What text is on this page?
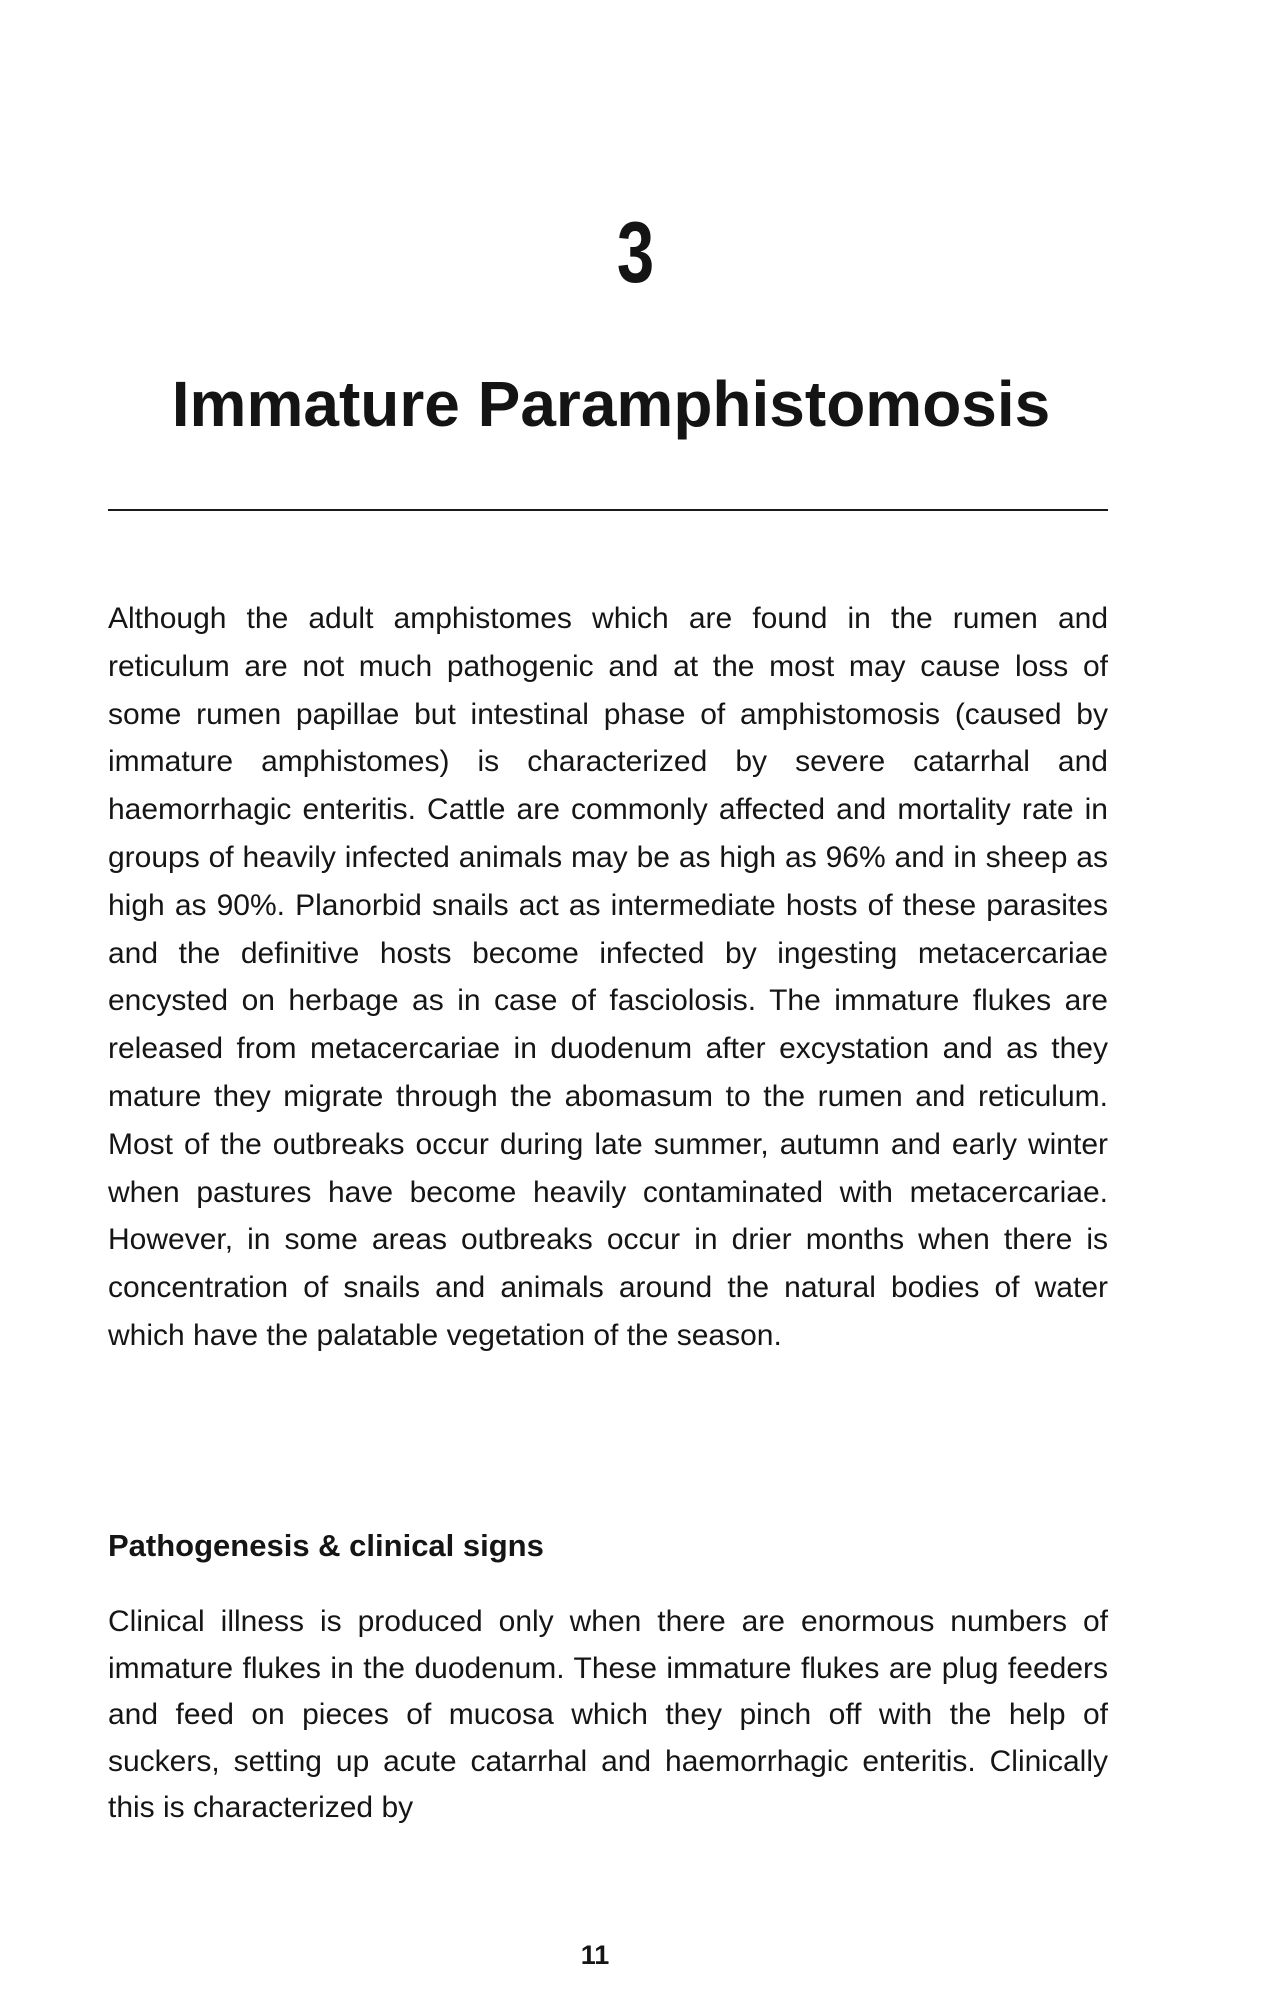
3
Immature Paramphistomosis

Although the adult amphistomes which are found in the rumen and reticulum are not much pathogenic and at the most may cause loss of some rumen papillae but intestinal phase of amphistomosis (caused by immature amphistomes) is characterized by severe catarrhal and haemorrhagic enteritis. Cattle are commonly affected and mortality rate in groups of heavily infected animals may be as high as 96% and in sheep as high as 90%. Planorbid snails act as intermediate hosts of these parasites and the definitive hosts become infected by ingesting metacercariae encysted on herbage as in case of fasciolosis. The immature flukes are released from metacercariae in duodenum after excystation and as they mature they migrate through the abomasum to the rumen and reticulum. Most of the outbreaks occur during late summer, autumn and early winter when pastures have become heavily contaminated with metacercariae. However, in some areas outbreaks occur in drier months when there is concentration of snails and animals around the natural bodies of water which have the palatable vegetation of the season.

Pathogenesis & clinical signs

Clinical illness is produced only when there are enormous numbers of immature flukes in the duodenum. These immature flukes are plug feeders and feed on pieces of mucosa which they pinch off with the help of suckers, setting up acute catarrhal and haemorrhagic enteritis. Clinically this is characterized by

11
